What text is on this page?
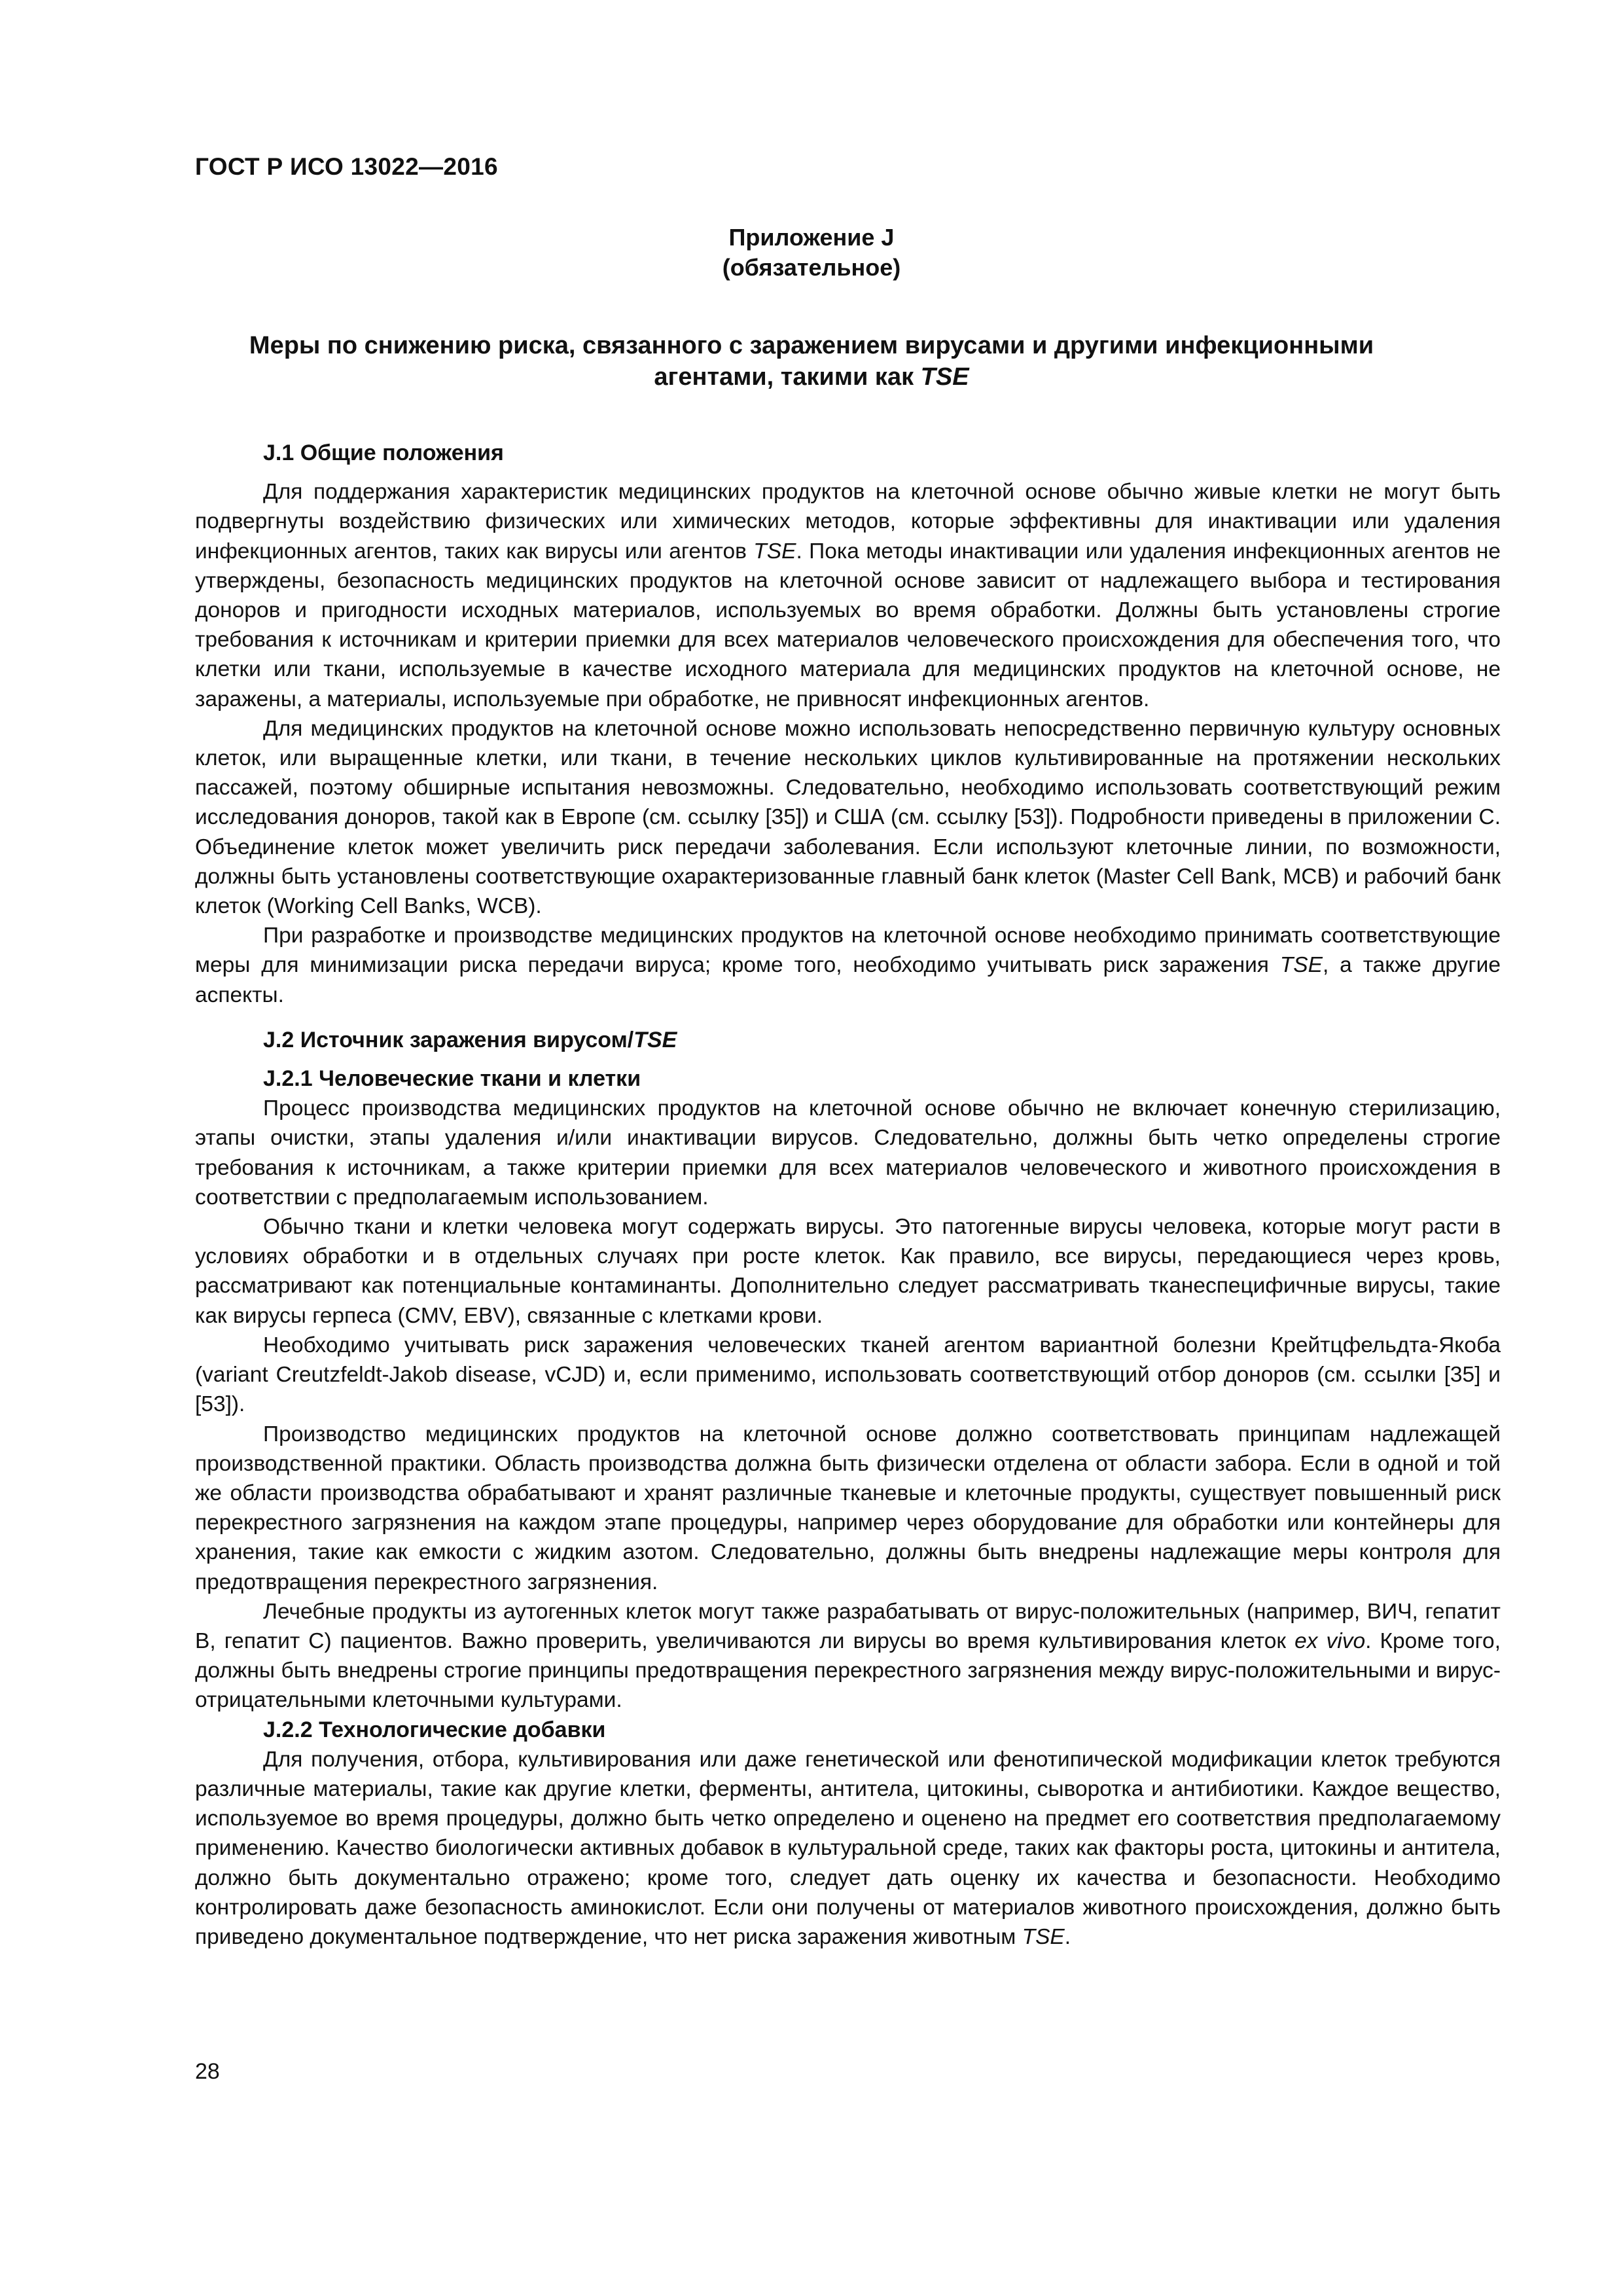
ГОСТ Р ИСО 13022—2016
Приложение J
(обязательное)
Меры по снижению риска, связанного с заражением вирусами и другими инфекционными
агентами, такими как TSE
J.1 Общие положения

Для поддержания характеристик медицинских продуктов на клеточной основе обычно живые клетки не могут быть подвергнуты воздействию физических или химических методов, которые эффективны для инактивации или удаления инфекционных агентов, таких как вирусы или агентов TSE. Пока методы инактивации или удаления инфекционных агентов не утверждены, безопасность медицинских продуктов на клеточной основе зависит от надлежащего выбора и тестирования доноров и пригодности исходных материалов, используемых во время обработки. Должны быть установлены строгие требования к источникам и критерии приемки для всех материалов человеческого происхождения для обеспечения того, что клетки или ткани, используемые в качестве исходного материала для медицинских продуктов на клеточной основе, не заражены, а материалы, используемые при обработке, не привносят инфекционных агентов.

Для медицинских продуктов на клеточной основе можно использовать непосредственно первичную культуру основных клеток, или выращенные клетки, или ткани, в течение нескольких циклов культивированные на протяжении нескольких пассажей, поэтому обширные испытания невозможны. Следовательно, необходимо использовать соответствующий режим исследования доноров, такой как в Европе (см. ссылку [35]) и США (см. ссылку [53]). Подробности приведены в приложении С. Объединение клеток может увеличить риск передачи заболевания. Если используют клеточные линии, по возможности, должны быть установлены соответствующие охарактеризованные главный банк клеток (Master Cell Bank, MCB) и рабочий банк клеток (Working Cell Banks, WCB).

При разработке и производстве медицинских продуктов на клеточной основе необходимо принимать соответствующие меры для минимизации риска передачи вируса; кроме того, необходимо учитывать риск заражения TSE, а также другие аспекты.

J.2 Источник заражения вирусом/TSE
J.2.1 Человеческие ткани и клетки

Процесс производства медицинских продуктов на клеточной основе обычно не включает конечную стерилизацию, этапы очистки, этапы удаления и/или инактивации вирусов. Следовательно, должны быть четко определены строгие требования к источникам, а также критерии приемки для всех материалов человеческого и животного происхождения в соответствии с предполагаемым использованием.

Обычно ткани и клетки человека могут содержать вирусы. Это патогенные вирусы человека, которые могут расти в условиях обработки и в отдельных случаях при росте клеток. Как правило, все вирусы, передающиеся через кровь, рассматривают как потенциальные контаминанты. Дополнительно следует рассматривать тканеспецифичные вирусы, такие как вирусы герпеса (CMV, EBV), связанные с клетками крови.

Необходимо учитывать риск заражения человеческих тканей агентом вариантной болезни Крейтцфельдта-Якоба (variant Creutzfeldt-Jakob disease, vCJD) и, если применимо, использовать соответствующий отбор доноров (см. ссылки [35] и [53]).

Производство медицинских продуктов на клеточной основе должно соответствовать принципам надлежащей производственной практики. Область производства должна быть физически отделена от области забора. Если в одной и той же области производства обрабатывают и хранят различные тканевые и клеточные продукты, существует повышенный риск перекрестного загрязнения на каждом этапе процедуры, например через оборудование для обработки или контейнеры для хранения, такие как емкости с жидким азотом. Следовательно, должны быть внедрены надлежащие меры контроля для предотвращения перекрестного загрязнения.

Лечебные продукты из аутогенных клеток могут также разрабатывать от вирус-положительных (например, ВИЧ, гепатит В, гепатит С) пациентов. Важно проверить, увеличиваются ли вирусы во время культивирования клеток ex vivo. Кроме того, должны быть внедрены строгие принципы предотвращения перекрестного загрязнения между вирус-положительными и вирус-отрицательными клеточными культурами.

J.2.2 Технологические добавки

Для получения, отбора, культивирования или даже генетической или фенотипической модификации клеток требуются различные материалы, такие как другие клетки, ферменты, антитела, цитокины, сыворотка и антибиотики. Каждое вещество, используемое во время процедуры, должно быть четко определено и оценено на предмет его соответствия предполагаемому применению. Качество биологически активных добавок в культуральной среде, таких как факторы роста, цитокины и антитела, должно быть документально отражено; кроме того, следует дать оценку их качества и безопасности. Необходимо контролировать даже безопасность аминокислот. Если они получены от материалов животного происхождения, должно быть приведено документальное подтверждение, что нет риска заражения животным TSE.

28
